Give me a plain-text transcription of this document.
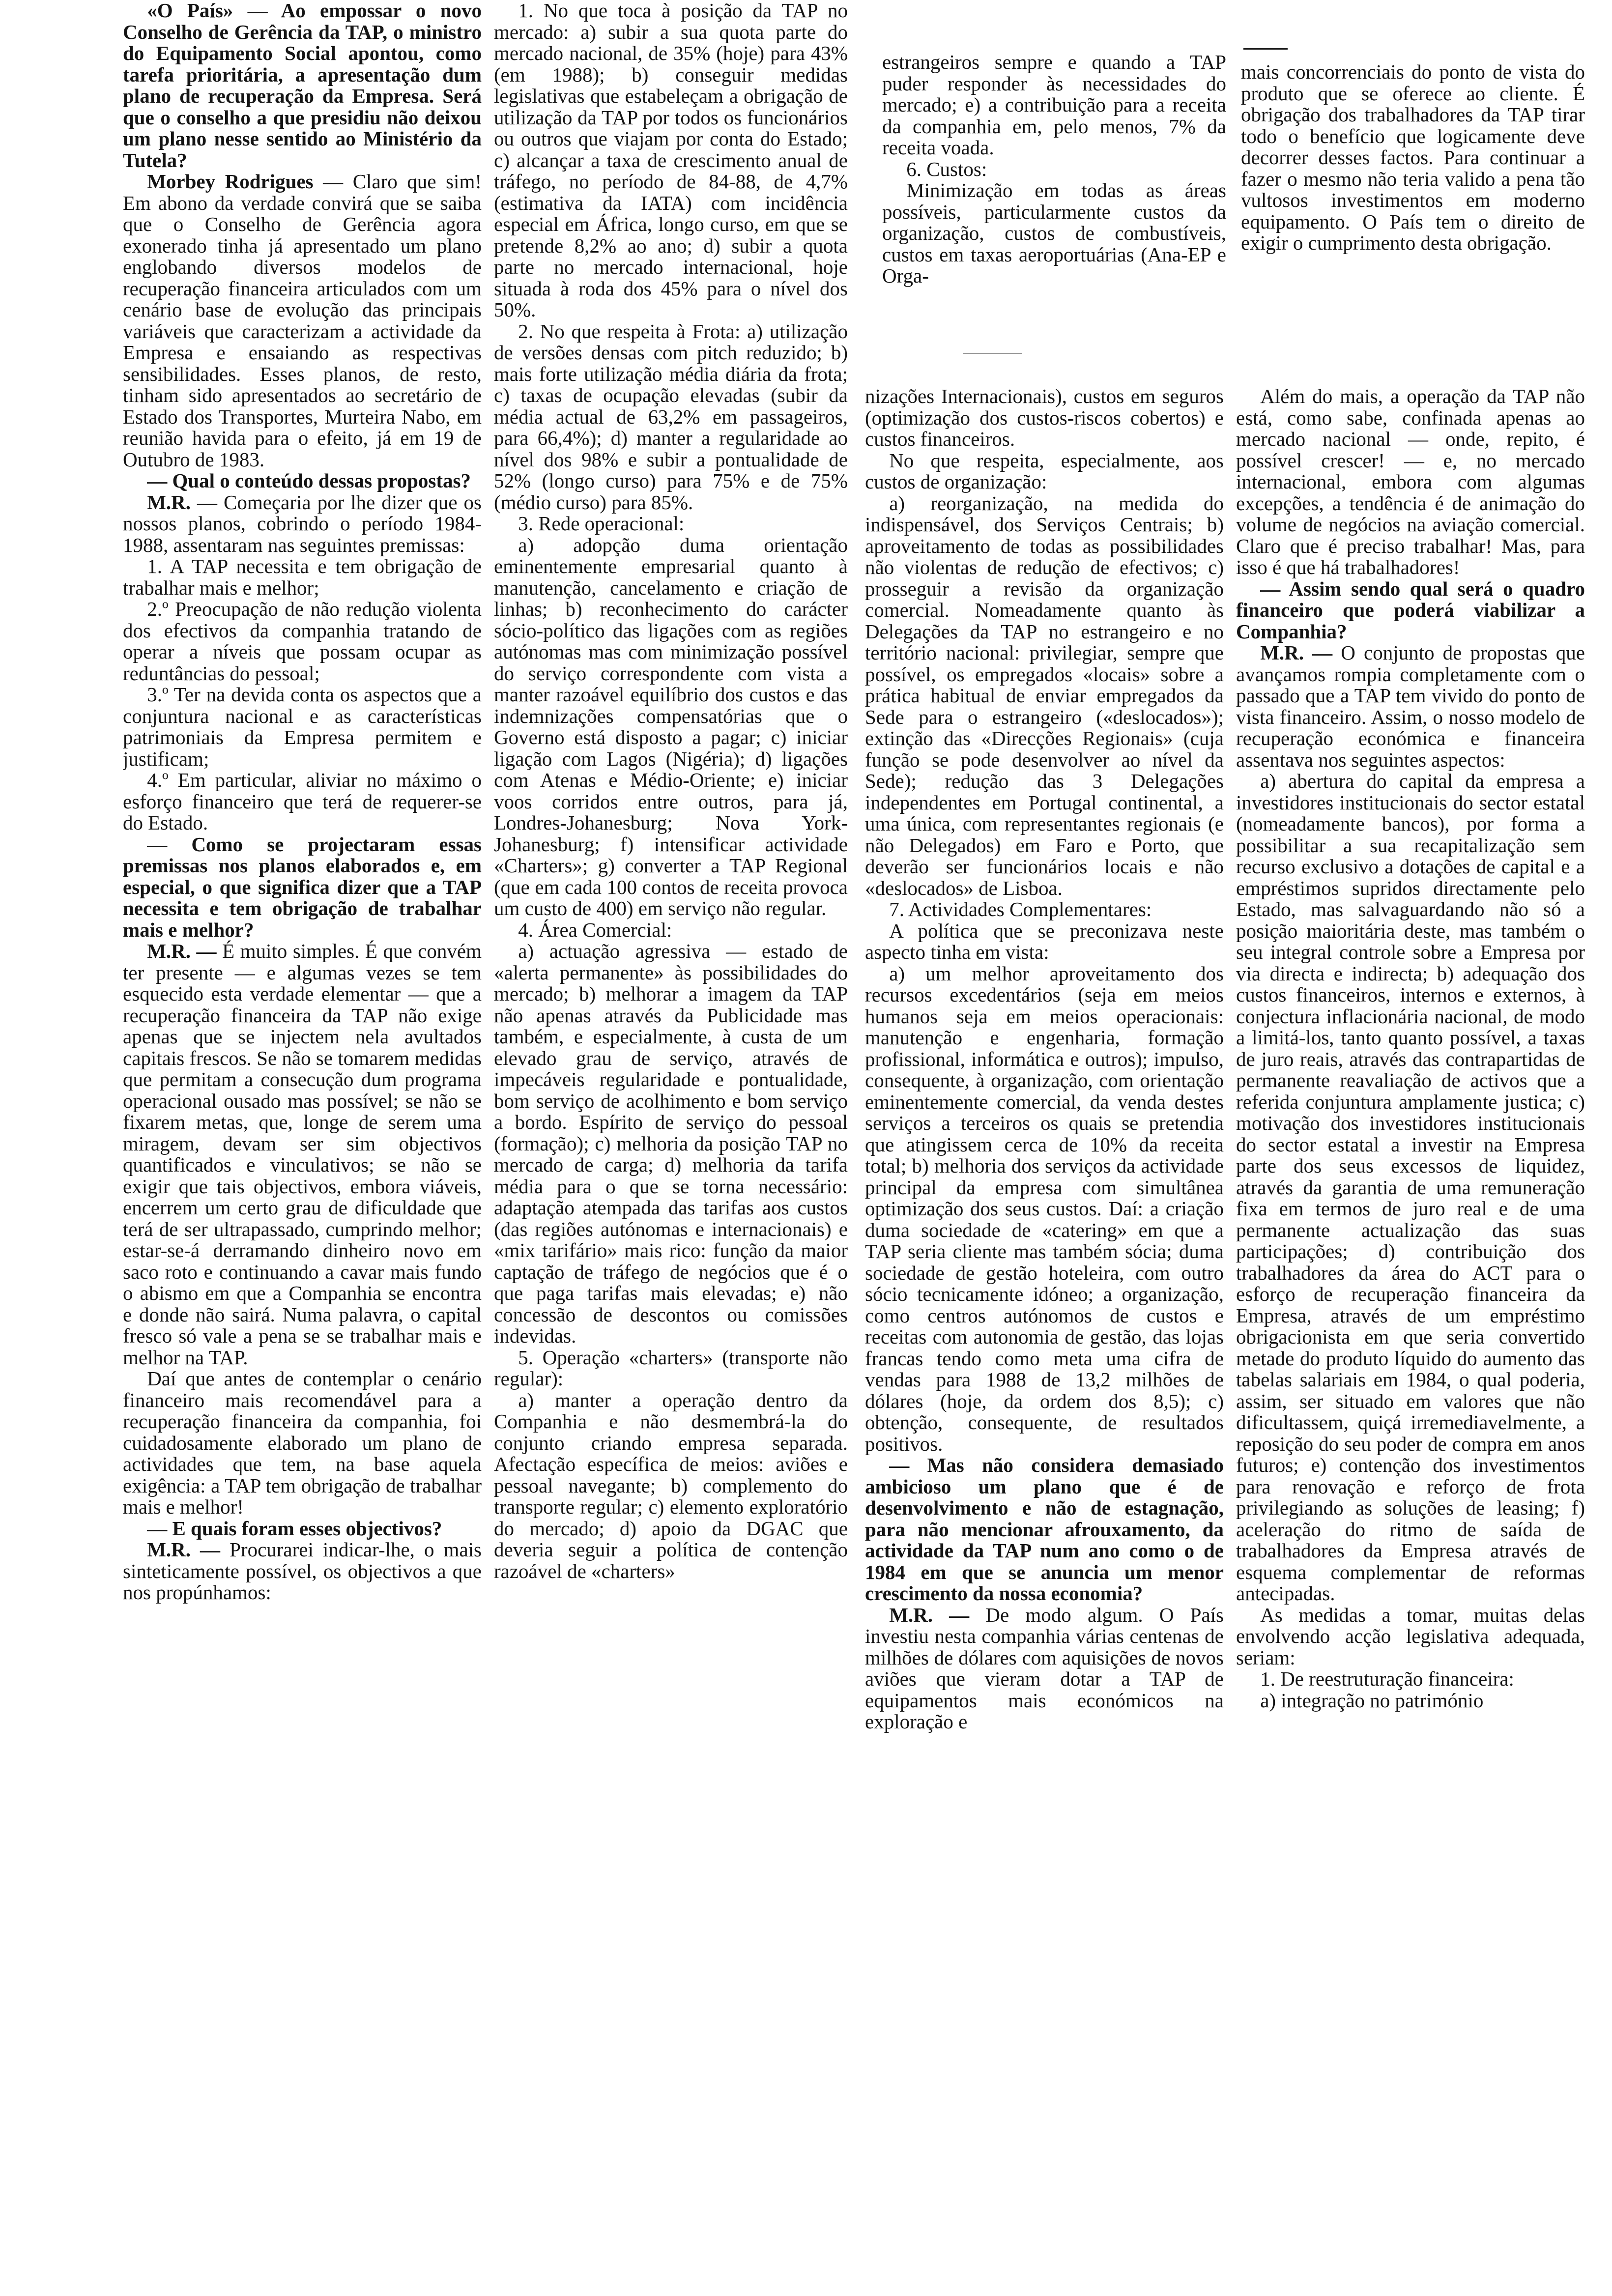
«O País» — Ao empossar o novo Conselho de Gerência da TAP, o ministro do Equipamento Social apontou, como tarefa prioritária, a apresentação dum plano de recuperação da Empresa. Será que o conselho a que presidiu não deixou um plano nesse sentido ao Ministério da Tutela?

Morbey Rodrigues — Claro que sim! Em abono da verdade convirá que se saiba que o Conselho de Gerência agora exonerado tinha já apresentado um plano englobando diversos modelos de recuperação financeira articulados com um cenário base de evolução das principais variáveis que caracterizam a actividade da Empresa e ensaiando as respectivas sensibilidades. Esses planos, de resto, tinham sido apresentados ao secretário de Estado dos Transportes, Murteira Nabo, em reunião havida para o efeito, já em 19 de Outubro de 1983.

— Qual o conteúdo dessas propostas?

M.R. — Começaria por lhe dizer que os nossos planos, cobrindo o período 1984-1988, assentaram nas seguintes premissas:

1. A TAP necessita e tem obrigação de trabalhar mais e melhor;

2.º Preocupação de não redução violenta dos efectivos da companhia tratando de operar a níveis que possam ocupar as reduntâncias do pessoal;

3.º Ter na devida conta os aspectos que a conjuntura nacional e as características patrimoniais da Empresa permitem e justificam;

4.º Em particular, aliviar no máximo o esforço financeiro que terá de requerer-se do Estado.

— Como se projectaram essas premissas nos planos elaborados e, em especial, o que significa dizer que a TAP necessita e tem obrigação de trabalhar mais e melhor?

M.R. — É muito simples. É que convém ter presente — e algumas vezes se tem esquecido esta verdade elementar — que a recuperação financeira da TAP não exige apenas que se injectem nela avultados capitais frescos. Se não se tomarem medidas que permitam a consecução dum programa operacional ousado mas possível; se não se fixarem metas, que, longe de serem uma miragem, devam ser sim objectivos quantificados e vinculativos; se não se exigir que tais objectivos, embora viáveis, encerrem um certo grau de dificuldade que terá de ser ultrapassado, cumprindo melhor; estar-se-á derramando dinheiro novo em saco roto e continuando a cavar mais fundo o abismo em que a Companhia se encontra e donde não sairá. Numa palavra, o capital fresco só vale a pena se se trabalhar mais e melhor na TAP.

Daí que antes de contemplar o cenário financeiro mais recomendável para a recuperação financeira da companhia, foi cuidadosamente elaborado um plano de actividades que tem, na base aquela exigência: a TAP tem obrigação de trabalhar mais e melhor!

— E quais foram esses objectivos?

M.R. — Procurarei indicar-lhe, o mais sinteticamente possível, os objectivos a que nos propúnhamos:

1. No que toca à posição da TAP no mercado: a) subir a sua quota parte do mercado nacional, de 35% (hoje) para 43% (em 1988); b) conseguir medidas legislativas que estabeleçam a obrigação de utilização da TAP por todos os funcionários ou outros que viajam por conta do Estado; c) alcançar a taxa de crescimento anual de tráfego, no período de 84-88, de 4,7% (estimativa da IATA) com incidência especial em África, longo curso, em que se pretende 8,2% ao ano; d) subir a quota parte no mercado internacional, hoje situada à roda dos 45% para o nível dos 50%.

2. No que respeita à Frota: a) utilização de versões densas com pitch reduzido; b) mais forte utilização média diária da frota; c) taxas de ocupação elevadas (subir da média actual de 63,2% em passageiros, para 66,4%); d) manter a regularidade ao nível dos 98% e subir a pontualidade de 52% (longo curso) para 75% e de 75% (médio curso) para 85%.

3. Rede operacional:

a) adopção duma orientação eminentemente empresarial quanto à manutenção, cancelamento e criação de linhas; b) reconhecimento do carácter sócio-político das ligações com as regiões autónomas mas com minimização possível do serviço correspondente com vista a manter razoável equilíbrio dos custos e das indemnizações compensatórias que o Governo está disposto a pagar; c) iniciar ligação com Lagos (Nigéria); d) ligações com Atenas e Médio-Oriente; e) iniciar voos corridos entre outros, para já, Londres-Johanesburg; Nova York-Johanesburg; f) intensificar actividade «Charters»; g) converter a TAP Regional (que em cada 100 contos de receita provoca um custo de 400) em serviço não regular.

4. Área Comercial:

a) actuação agressiva — estado de «alerta permanente» às possibilidades do mercado; b) melhorar a imagem da TAP não apenas através da Publicidade mas também, e especialmente, à custa de um elevado grau de serviço, através de impecáveis regularidade e pontualidade, bom serviço de acolhimento e bom serviço a bordo. Espírito de serviço do pessoal (formação); c) melhoria da posição TAP no mercado de carga; d) melhoria da tarifa média para o que se torna necessário: adaptação atempada das tarifas aos custos (das regiões autónomas e internacionais) e «mix tarifário» mais rico: função da maior captação de tráfego de negócios que é o que paga tarifas mais elevadas; e) não concessão de descontos ou comissões indevidas.

5. Operação «charters» (transporte não regular):

a) manter a operação dentro da Companhia e não desmembrá-la do conjunto criando empresa separada. Afectação específica de meios: aviões e pessoal navegante; b) complemento do transporte regular; c) elemento exploratório do mercado; d) apoio da DGAC que deveria seguir a política de contenção razoável de «charters»

estrangeiros sempre e quando a TAP puder responder às necessidades do mercado; e) a contribuição para a receita da companhia em, pelo menos, 7% da receita voada.

6. Custos:

Minimização em todas as áreas possíveis, particularmente custos da organização, custos de combustíveis, custos em taxas aeroportuárias (Ana-EP e Orga-

mais concorrenciais do ponto de vista do produto que se oferece ao cliente. É obrigação dos trabalhadores da TAP tirar todo o benefício que logicamente deve decorrer desses factos. Para continuar a fazer o mesmo não teria valido a pena tão vultosos investimentos em moderno equipamento. O País tem o direito de exigir o cumprimento desta obrigação.

nizações Internacionais), custos em seguros (optimização dos custos-riscos cobertos) e custos financeiros.

No que respeita, especialmente, aos custos de organização:

a) reorganização, na medida do indispensável, dos Serviços Centrais; b) aproveitamento de todas as possibilidades não violentas de redução de efectivos; c) prosseguir a revisão da organização comercial. Nomeadamente quanto às Delegações da TAP no estrangeiro e no território nacional: privilegiar, sempre que possível, os empregados «locais» sobre a prática habitual de enviar empregados da Sede para o estrangeiro («deslocados»); extinção das «Direcções Regionais» (cuja função se pode desenvolver ao nível da Sede); redução das 3 Delegações independentes em Portugal continental, a uma única, com representantes regionais (e não Delegados) em Faro e Porto, que deverão ser funcionários locais e não «deslocados» de Lisboa.

7. Actividades Complementares:

A política que se preconizava neste aspecto tinha em vista:

a) um melhor aproveitamento dos recursos excedentários (seja em meios humanos seja em meios operacionais: manutenção e engenharia, formação profissional, informática e outros); impulso, consequente, à organização, com orientação eminentemente comercial, da venda destes serviços a terceiros os quais se pretendia que atingissem cerca de 10% da receita total; b) melhoria dos serviços da actividade principal da empresa com simultânea optimização dos seus custos. Daí: a criação duma sociedade de «catering» em que a TAP seria cliente mas também sócia; duma sociedade de gestão hoteleira, com outro sócio tecnicamente idóneo; a organização, como centros autónomos de custos e receitas com autonomia de gestão, das lojas francas tendo como meta uma cifra de vendas para 1988 de 13,2 milhões de dólares (hoje, da ordem dos 8,5); c) obtenção, consequente, de resultados positivos.

— Mas não considera demasiado ambicioso um plano que é de desenvolvimento e não de estagnação, para não mencionar afrouxamento, da actividade da TAP num ano como o de 1984 em que se anuncia um menor crescimento da nossa economia?

M.R. — De modo algum. O País investiu nesta companhia várias centenas de milhões de dólares com aquisições de novos aviões que vieram dotar a TAP de equipamentos mais económicos na exploração e

Além do mais, a operação da TAP não está, como sabe, confinada apenas ao mercado nacional — onde, repito, é possível crescer! — e, no mercado internacional, embora com algumas excepções, a tendência é de animação do volume de negócios na aviação comercial. Claro que é preciso trabalhar! Mas, para isso é que há trabalhadores!

— Assim sendo qual será o quadro financeiro que poderá viabilizar a Companhia?

M.R. — O conjunto de propostas que avançamos rompia completamente com o passado que a TAP tem vivido do ponto de vista financeiro. Assim, o nosso modelo de recuperação económica e financeira assentava nos seguintes aspectos:

a) abertura do capital da empresa a investidores institucionais do sector estatal (nomeadamente bancos), por forma a possibilitar a sua recapitalização sem recurso exclusivo a dotações de capital e a empréstimos supridos directamente pelo Estado, mas salvaguardando não só a posição maioritária deste, mas também o seu integral controle sobre a Empresa por via directa e indirecta; b) adequação dos custos financeiros, internos e externos, à conjectura inflacionária nacional, de modo a limitá-los, tanto quanto possível, a taxas de juro reais, através das contrapartidas de permanente reavaliação de activos que a referida conjuntura amplamente justica; c) motivação dos investidores institucionais do sector estatal a investir na Empresa parte dos seus excessos de liquidez, através da garantia de uma remuneração fixa em termos de juro real e de uma permanente actualização das suas participações; d) contribuição dos trabalhadores da área do ACT para o esforço de recuperação financeira da Empresa, através de um empréstimo obrigacionista em que seria convertido metade do produto líquido do aumento das tabelas salariais em 1984, o qual poderia, assim, ser situado em valores que não dificultassem, quiçá irremediavelmente, a reposição do seu poder de compra em anos futuros; e) contenção dos investimentos para renovação e reforço de frota privilegiando as soluções de leasing; f) aceleração do ritmo de saída de trabalhadores da Empresa através de esquema complementar de reformas antecipadas.

As medidas a tomar, muitas delas envolvendo acção legislativa adequada, seriam:

1. De reestruturação financeira:

a) integração no património
